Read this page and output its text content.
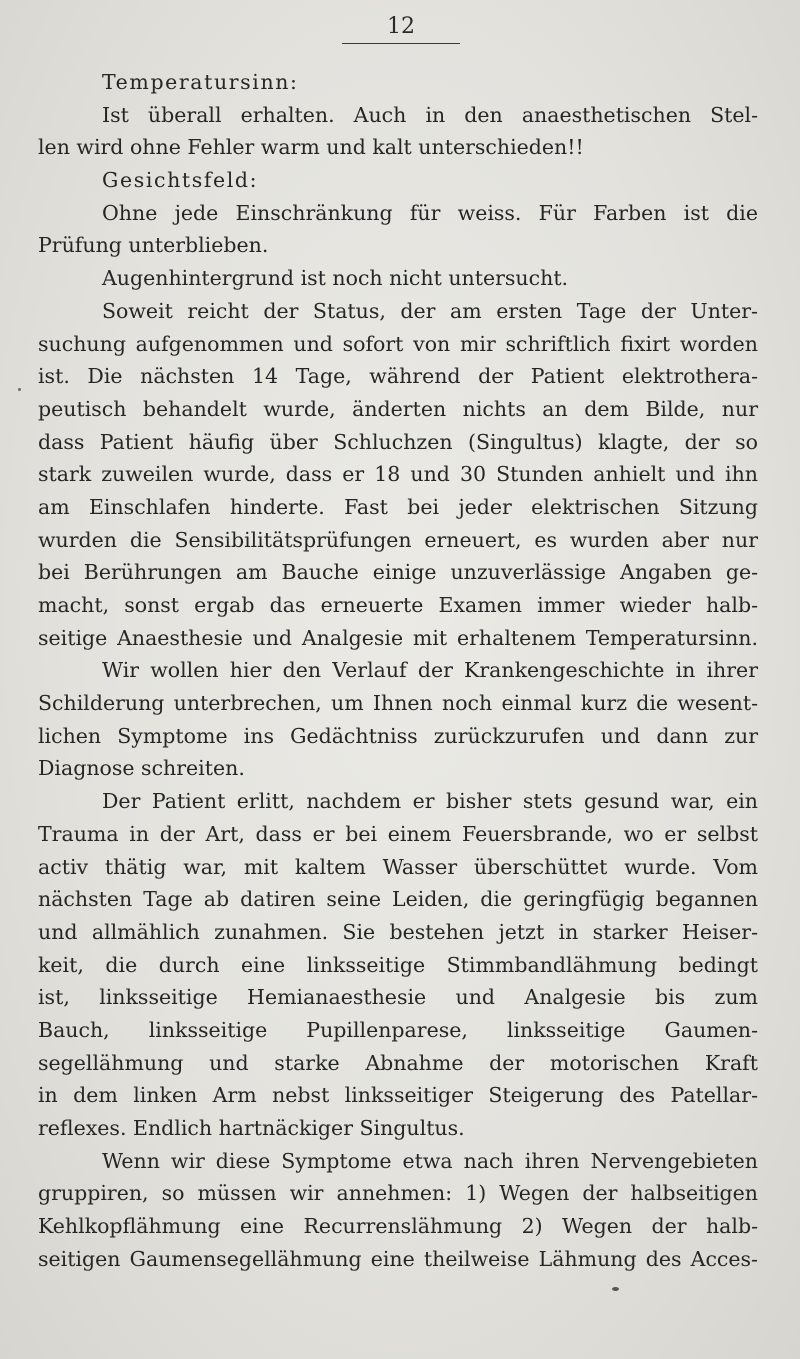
12
Temperatursinn:
Ist überall erhalten. Auch in den anaesthetischen Stel-
len wird ohne Fehler warm und kalt unterschieden!!
Gesichtsfeld:
Ohne jede Einschränkung für weiss. Für Farben ist die
Prüfung unterblieben.
Augenhintergrund ist noch nicht untersucht.
Soweit reicht der Status, der am ersten Tage der Unter-
suchung aufgenommen und sofort von mir schriftlich fixirt worden
ist. Die nächsten 14 Tage, während der Patient elektrothera-
peutisch behandelt wurde, änderten nichts an dem Bilde, nur
dass Patient häufig über Schluchzen (Singultus) klagte, der so
stark zuweilen wurde, dass er 18 und 30 Stunden anhielt und ihn
am Einschlafen hinderte. Fast bei jeder elektrischen Sitzung
wurden die Sensibilitätsprüfungen erneuert, es wurden aber nur
bei Berührungen am Bauche einige unzuverlässige Angaben ge-
macht, sonst ergab das erneuerte Examen immer wieder halb-
seitige Anaesthesie und Analgesie mit erhaltenem Temperatursinn.
Wir wollen hier den Verlauf der Krankengeschichte in ihrer
Schilderung unterbrechen, um Ihnen noch einmal kurz die wesent-
lichen Symptome ins Gedächtniss zurückzurufen und dann zur
Diagnose schreiten.
Der Patient erlitt, nachdem er bisher stets gesund war, ein
Trauma in der Art, dass er bei einem Feuersbrande, wo er selbst
activ thätig war, mit kaltem Wasser überschüttet wurde. Vom
nächsten Tage ab datiren seine Leiden, die geringfügig begannen
und allmählich zunahmen. Sie bestehen jetzt in starker Heiser-
keit, die durch eine linksseitige Stimmbandlähmung bedingt
ist, linksseitige Hemianaesthesie und Analgesie bis zum
Bauch, linksseitige Pupillenparese, linksseitige Gaumen-
segellähmung und starke Abnahme der motorischen Kraft
in dem linken Arm nebst linksseitiger Steigerung des Patellar-
reflexes. Endlich hartnäckiger Singultus.
Wenn wir diese Symptome etwa nach ihren Nervengebieten
gruppiren, so müssen wir annehmen: 1) Wegen der halbseitigen
Kehlkopflähmung eine Recurrenslähmung 2) Wegen der halb-
seitigen Gaumensegellähmung eine theilweise Lähmung des Acces-
